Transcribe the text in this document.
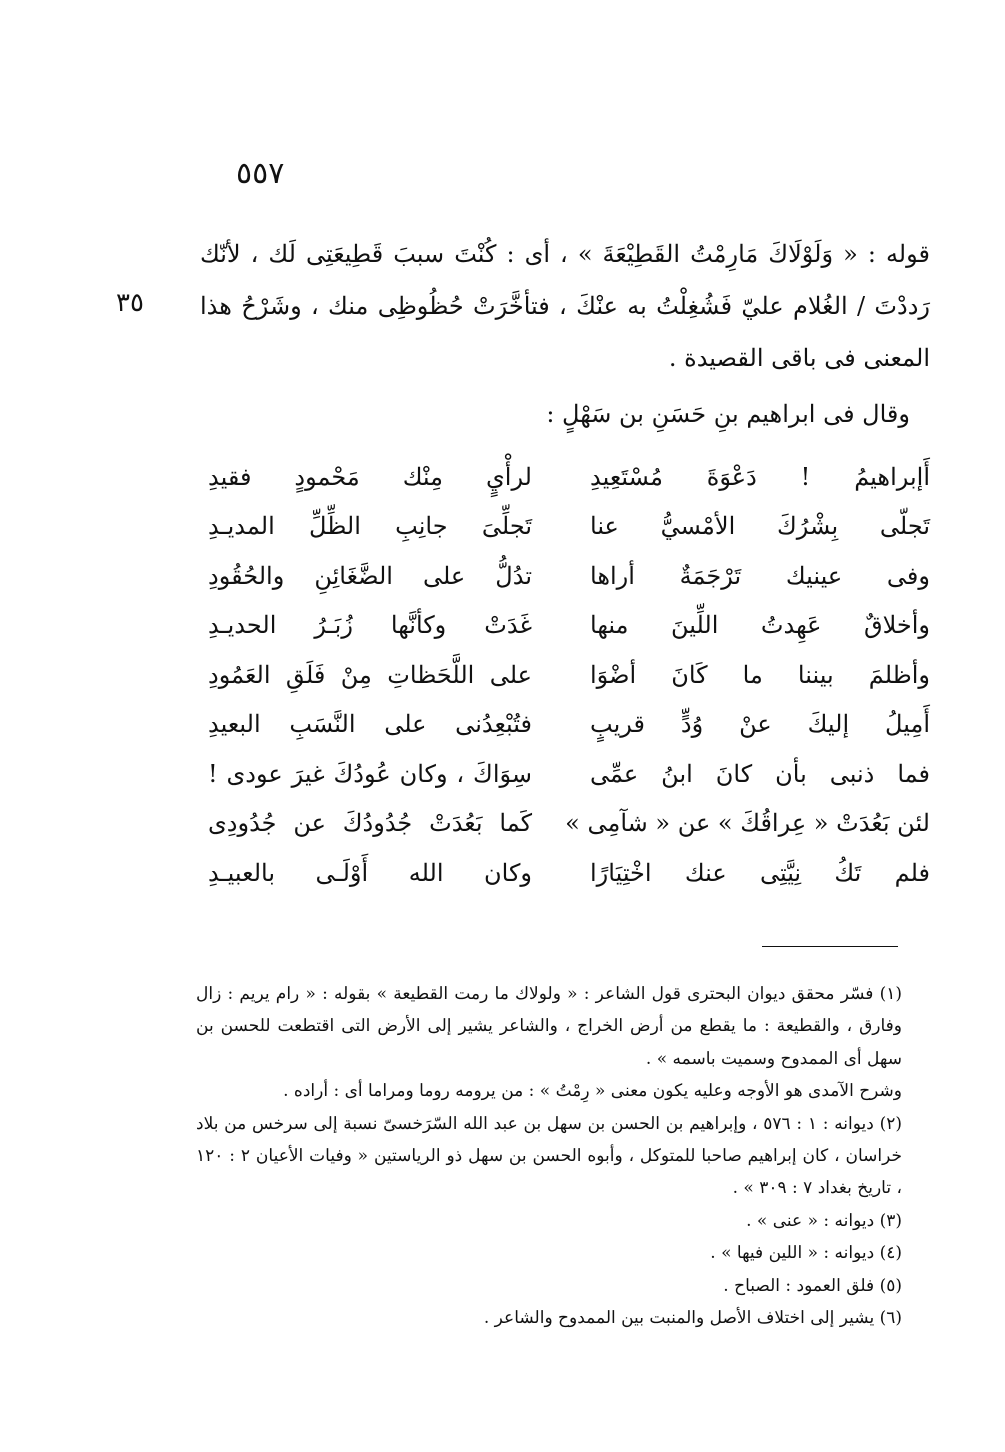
٥٥٧
٣٥

قوله : « وَلَوْلَاكَ مَارِمْتُ القَطِيْعَةَ » ، أى : كُنْتَ سببَ قَطِيعَتِى لَك ، لأنّك رَددْتَ / الغُلام عليّ فَشُغِلْتُ به عنْكَ ، فتأخَّرَتْ حُظُوظِى منك ، وشَرْحُ هذا المعنى فى باقى القصيدة .

وقال فى ابراهيم بنِ حَسَنِ بن سَهْلٍ :
أَإبراهيمُ ! دَعْوَةَ مُسْتَعِيدِ
لرأْيٍ مِنْك مَحْمودٍ فقيدِ
تَجلّى بِشْرُكَ الأمْسيُّ عنا
تَجلِّىَ جانِبِ الظِّلِّ المديـدِ
وفى عينيك تَرْجَمَةٌ أراها
تدُلُّ على الضَّغَائِنِ والحُقُودِ
وأخلاقٌ عَهِدتُ اللِّينَ منها
غَدَتْ وكأنَّها زُبَـرُ الحديـدِ
وأظلمَ بيننا ما كَانَ أضْوَا
على اللَّحَظاتِ مِنْ فَلَقِ العَمُودِ
أَمِيلُ إليكَ عنْ وُدٍّ قريبٍ
فتُبْعِدُنى على النَّسَبِ البعيدِ
فما ذنبى بأن كانَ ابنُ عمِّى
سِوَاكَ ، وكان عُودُكَ غيرَ عودى !
لئن بَعُدَتْ « عِراقُكَ » عن « شآمِى »
كَما بَعُدَتْ جُدُودُكَ عن جُدُودِى
فلم تَكُ نِيَّتِى عنك اخْتِيَارًا
وكان الله أَوْلَـى بالعبيـدِ

(١) فسّر محقق ديوان البحترى قول الشاعر : « ولولاك ما رمت القطيعة » بقوله : « رام يريم : زال وفارق ، والقطيعة : ما يقطع من أرض الخراج ، والشاعر يشير إلى الأرض التى اقتطعت للحسن بن سهل أى الممدوح وسميت باسمه » .

وشرح الآمدى هو الأوجه وعليه يكون معنى « رِمْتُ » : من يرومه روما ومراما أى : أراده .

(٢) ديوانه : ١ : ٥٧٦ ، وإبراهيم بن الحسن بن سهل بن عبد الله السّرَخسىّ نسبة إلى سرخس من بلاد خراسان ، كان إبراهيم صاحبا للمتوكل ، وأبوه الحسن بن سهل ذو الرياستين « وفيات الأعيان ٢ : ١٢٠ ، تاريخ بغداد ٧ : ٣٠٩ » .

(٣) ديوانه : « عنى » .

(٤) ديوانه : « اللين فيها » .

(٥) فلق العمود : الصباح .

(٦) يشير إلى اختلاف الأصل والمنبت بين الممدوح والشاعر .
